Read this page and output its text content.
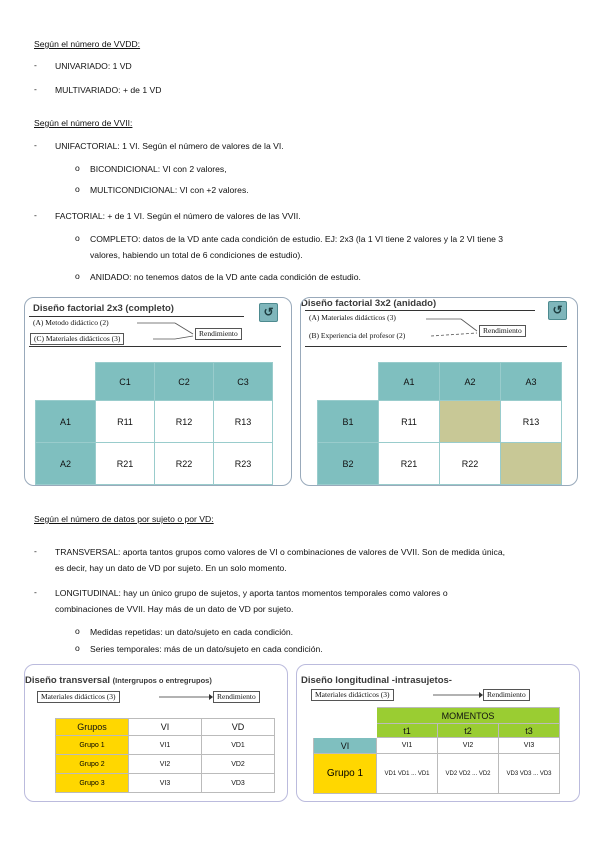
Según el número de VVDD:
- UNIVARIADO: 1 VD
- MULTIVARIADO: + de 1 VD
Según el número de VVII:
- UNIFACTORIAL: 1 VI. Según el número de valores de la VI.
o BICONDICIONAL: VI con 2 valores,
o MULTICONDICIONAL: VI con +2 valores.
- FACTORIAL: + de 1 VI. Según el número de valores de las VVII.
o COMPLETO: datos de la VD ante cada condición de estudio. EJ: 2x3 (la 1 VI tiene 2 valores y la 2 VI tiene 3
valores, habiendo un total de 6 condiciones de estudio).
o ANIDADO: no tenemos datos de la VD ante cada condición de estudio.
Diseño factorial 2x3 (completo)
(A) Metodo didáctico (2)
(C) Materiales didácticos (3)
Rendimiento
↺
	C1	C2	C3
A1	R11	R12	R13
A2	R21	R22	R23
Diseño factorial 3x2 (anidado)
(A) Materiales didácticos (3)
(B) Experiencia del profesor (2)
Rendimiento
↺
	A1	A2	A3
B1	R11		R13
B2	R21	R22	
Según el número de datos por sujeto o por VD:
- TRANSVERSAL: aporta tantos grupos como valores de VI o combinaciones de valores de VVII. Son de medida única,
es decir, hay un dato de VD por sujeto. En un solo momento.
- LONGITUDINAL: hay un único grupo de sujetos, y aporta tantos momentos temporales como valores o
combinaciones de VVII. Hay más de un dato de VD por sujeto.
o Medidas repetidas: un dato/sujeto en cada condición.
o Series temporales: más de un dato/sujeto en cada condición.
Diseño transversal (Intergrupos o entregrupos)
Materiales didácticos (3)	Rendimiento
Grupos	VI	VD
Grupo 1	VI1	VD1
Grupo 2	VI2	VD2
Grupo 3	VI3	VD3
Diseño longitudinal -intrasujetos-
Materiales didácticos (3)	Rendimiento
	MOMENTOS		
	t1	t2	t3
VI	VI1	VI2	VI3
Grupo 1	VD1 VD1 ... VD1	VD2 VD2 ... VD2	VD3 VD3 ... VD3
